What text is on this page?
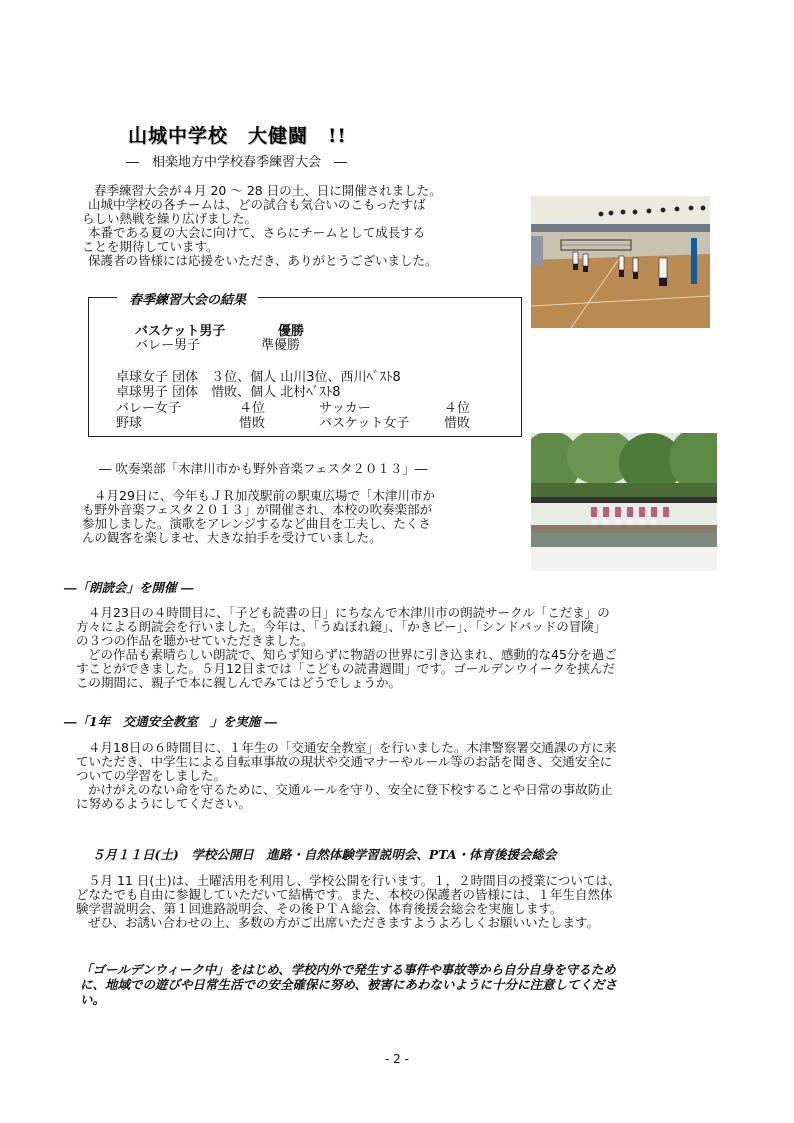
山城中学校　大健闘　!!
―　相楽地方中学校春季練習大会　―
春季練習大会が４月 20 ～ 28 日の土、日に開催されました。
山城中学校の各チームは、どの試合も気合いのこもったすば
らしい熱戦を繰り広げました。
本番である夏の大会に向けて、さらにチームとして成長する
ことを期待しています。
保護者の皆様には応援をいただき、ありがとうございました。
春季練習大会の結果
バスケット男子	優勝
バレー男子	準優勝
卓球女子 団体　３位、個人 山川3位、西川ﾍﾞｽﾄ8
卓球男子 団体　惜敗、個人 北村ﾍﾞｽﾄ8
バレー女子	４位	サッカー	４位
野球	惜敗	バスケット女子	惜敗
― 吹奏楽部「木津川市かも野外音楽フェスタ２０１３」―
４月29日に、今年もＪＲ加茂駅前の駅東広場で「木津川市か
も野外音楽フェスタ２０１３」が開催され、本校の吹奏楽部が
参加しました。演歌をアレンジするなど曲目を工夫し、たくさ
んの観客を楽しませ、大きな拍手を受けていました。
―「朗読会」を開催 ―
４月23日の４時間目に、「子ども読書の日」にちなんで木津川市の朗読サークル「こだま」の
方々による朗読会を行いました。今年は、「うぬぼれ鏡」、「かきピー」、「シンドバッドの冒険」
の３つの作品を聴かせていただきました。
どの作品も素晴らしい朗読で、知らず知らずに物語の世界に引き込まれ、感動的な45分を過ご
すことができました。５月12日までは「こどもの読書週間」です。ゴールデンウイークを挟んだ
この期間に、親子で本に親しんでみてはどうでしょうか。
―「1年　交通安全教室　」を実施 ―
４月18日の６時間目に、１年生の「交通安全教室」を行いました。木津警察署交通課の方に来
ていただき、中学生による自転車事故の現状や交通マナーやルール等のお話を聞き、交通安全に
ついての学習をしました。
かけがえのない命を守るために、交通ルールを守り、安全に登下校することや日常の事故防止
に努めるようにしてください。
５月１１日(土)　学校公開日　進路・自然体験学習説明会、PTA・体育後援会総会
５月 11 日(土)は、土曜活用を利用し、学校公開を行います。１，２時間目の授業については、
どなたでも自由に参観していただいて結構です。また、本校の保護者の皆様には、１年生自然体
験学習説明会、第１回進路説明会、その後ＰＴＡ総会、体育後援会総会を実施します。
ぜひ、お誘い合わせの上、多数の方がご出席いただきますようよろしくお願いいたします。
「ゴールデンウィーク中」をはじめ、学校内外で発生する事件や事故等から自分自身を守るため
に、地域での遊びや日常生活での安全確保に努め、被害にあわないように十分に注意してくださ
い。
- 2 -
